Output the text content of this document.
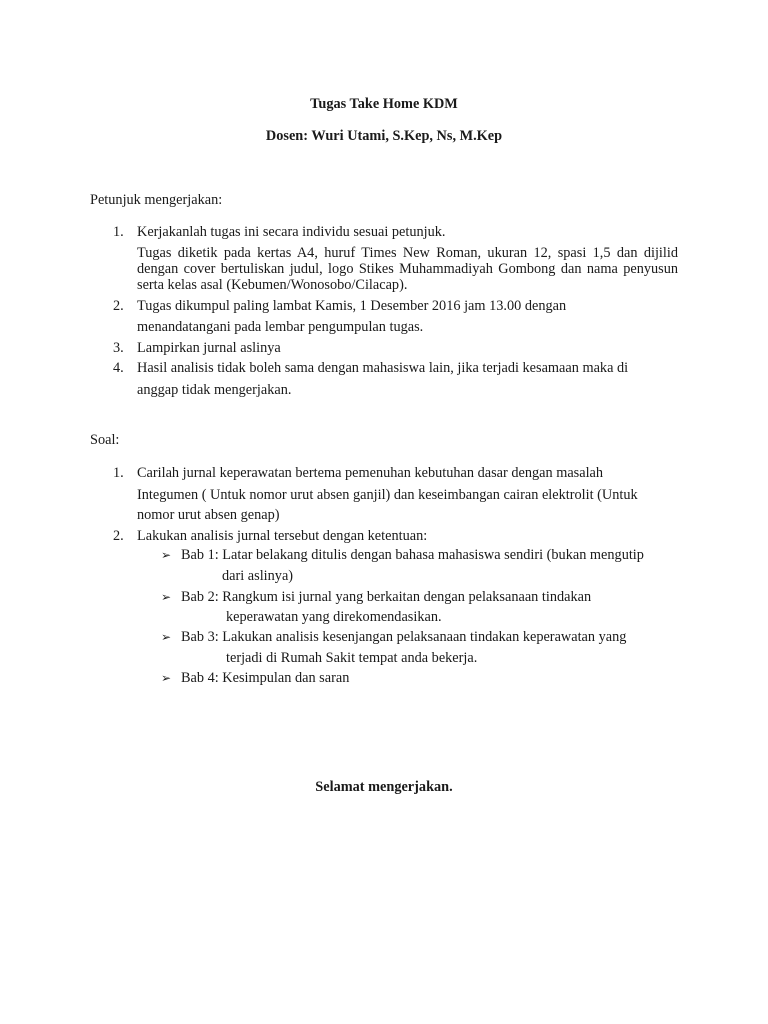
Tugas Take Home KDM

Dosen: Wuri Utami, S.Kep, Ns, M.Kep

Petunjuk mengerjakan:

1. Kerjakanlah tugas ini secara individu sesuai petunjuk.

Tugas diketik pada kertas A4, huruf Times New Roman, ukuran 12, spasi 1,5 dan dijilid dengan cover bertuliskan judul, logo Stikes Muhammadiyah Gombong dan nama penyusun serta kelas asal (Kebumen/Wonosobo/Cilacap).

2. Tugas dikumpul paling lambat Kamis, 1 Desember 2016 jam 13.00 dengan
menandatangani pada lembar pengumpulan tugas.
3. Lampirkan jurnal aslinya
4. Hasil analisis tidak boleh sama dengan mahasiswa lain, jika terjadi kesamaan maka di
anggap tidak mengerjakan.

Soal:

1. Carilah jurnal keperawatan bertema pemenuhan kebutuhan dasar dengan masalah
Integumen ( Untuk nomor urut absen ganjil) dan keseimbangan cairan elektrolit (Untuk
nomor urut absen genap)
2. Lakukan analisis jurnal tersebut dengan ketentuan:
➢ Bab 1: Latar belakang ditulis dengan bahasa mahasiswa sendiri (bukan mengutip
dari aslinya)
➢ Bab 2: Rangkum isi jurnal yang berkaitan dengan pelaksanaan tindakan
keperawatan yang direkomendasikan.
➢ Bab 3: Lakukan analisis kesenjangan pelaksanaan tindakan keperawatan yang
terjadi di Rumah Sakit tempat anda bekerja.
➢ Bab 4: Kesimpulan dan saran

Selamat mengerjakan.
